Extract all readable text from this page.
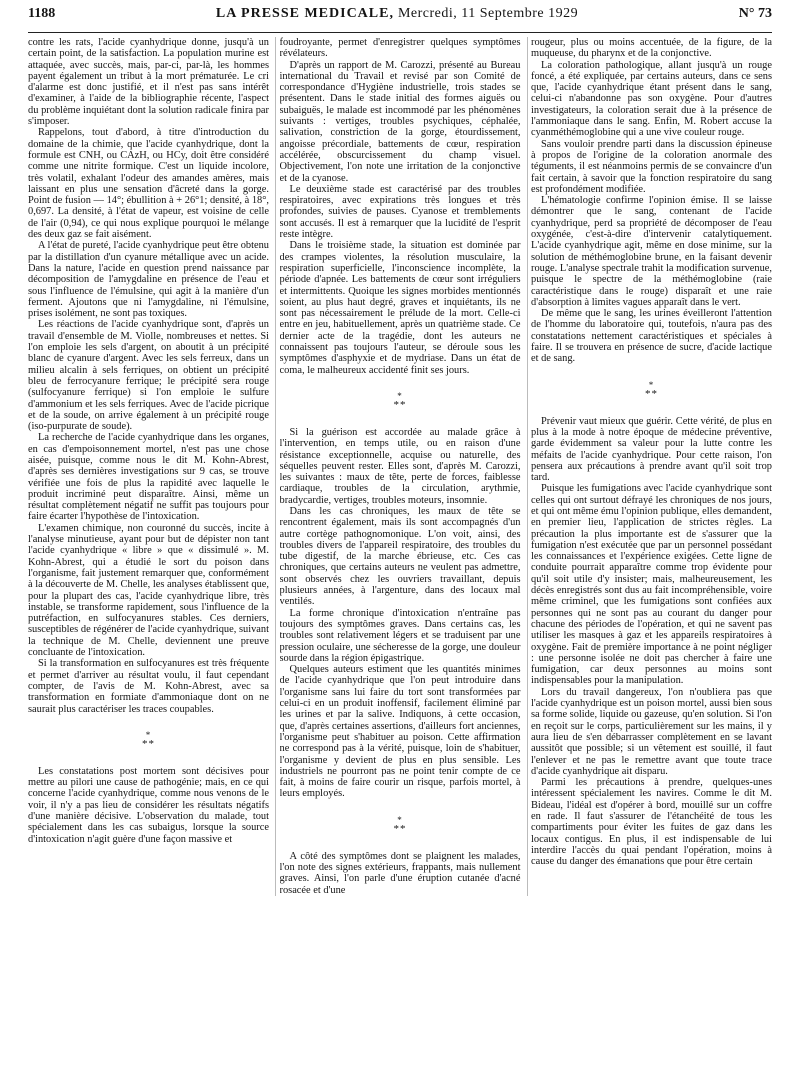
1188	LA PRESSE MEDICALE, Mercredi, 11 Septembre 1929	N° 73

contre les rats, l'acide cyanhydrique donne, jusqu'à un certain point, de la satisfaction. La population murine est attaquée, avec succès, mais, par-ci, par-là, les hommes payent également un tribut à la mort prématurée. Le cri d'alarme est donc justifié, et il n'est pas sans intérêt d'examiner, à l'aide de la bibliographie récente, l'aspect du problème inquiétant dont la solution radicale finira par s'imposer.

Rappelons, tout d'abord, à titre d'introduction du domaine de la chimie, que l'acide cyanhydrique, dont la formule est CNH, ou CAzH, ou HCy, doit être considéré comme une nitrite formique. C'est un liquide incolore, très volatil, exhalant l'odeur des amandes amères, mais laissant en plus une sensation d'âcreté dans la gorge. Point de fusion — 14°; ébullition à + 26°1; densité, à 18°, 0,697. La densité, à l'état de vapeur, est voisine de celle de l'air (0,94), ce qui nous explique pourquoi le mélange des deux gaz se fait aisément.

A l'état de pureté, l'acide cyanhydrique peut être obtenu par la distillation d'un cyanure métallique avec un acide. Dans la nature, l'acide en question prend naissance par décomposition de l'amygdaline en présence de l'eau et sous l'influence de l'émulsine, qui agit à la manière d'un ferment. Ajoutons que ni l'amygdaline, ni l'émulsine, prises isolément, ne sont pas toxiques.

Les réactions de l'acide cyanhydrique sont, d'après un travail d'ensemble de M. Violle, nombreuses et nettes. Si l'on emploie les sels d'argent, on aboutit à un précipité blanc de cyanure d'argent. Avec les sels ferreux, dans un milieu alcalin à sels ferriques, on obtient un précipité bleu de ferrocyanure ferrique; le précipité sera rouge (sulfocyanure ferrique) si l'on emploie le sulfure d'ammonium et les sels ferriques. Avec de l'acide picrique et de la soude, on arrive également à un précipité rouge (iso-purpurate de soude).

La recherche de l'acide cyanhydrique dans les organes, en cas d'empoisonnement mortel, n'est pas une chose aisée, puisque, comme nous le dit M. Kohn-Abrest, d'après ses dernières investigations sur 9 cas, se trouve vérifiée une fois de plus la rapidité avec laquelle le produit incriminé peut disparaître. Ainsi, même un résultat complètement négatif ne suffit pas toujours pour faire écarter l'hypothèse de l'intoxication.

L'examen chimique, non couronné du succès, incite à l'analyse minutieuse, ayant pour but de dépister non tant l'acide cyanhydrique « libre » que « dissimulé ». M. Kohn-Abrest, qui a étudié le sort du poison dans l'organisme, fait justement remarquer que, conformément à la découverte de M. Chelle, les analyses établissent que, pour la plupart des cas, l'acide cyanhydrique libre, très instable, se transforme rapidement, sous l'influence de la putréfaction, en sulfocyanures stables. Ces derniers, susceptibles de régénérer de l'acide cyanhydrique, suivant la technique de M. Chelle, deviennent une preuve concluante de l'intoxication.

Si la transformation en sulfocyanures est très fréquente et permet d'arriver au résultat voulu, il faut cependant compter, de l'avis de M. Kohn-Abrest, avec sa transformation en formiate d'ammoniaque dont on ne saurait plus caractériser les traces coupables.

*
**

Les constatations post mortem sont décisives pour mettre au pilori une cause de pathogénie; mais, en ce qui concerne l'acide cyanhydrique, comme nous venons de le voir, il n'y a pas lieu de considérer les résultats négatifs d'une manière décisive. L'observation du malade, tout spécialement dans les cas subaigus, lorsque la source d'intoxication n'agit guère d'une façon massive et

foudroyante, permet d'enregistrer quelques symptômes révélateurs.

D'après un rapport de M. Carozzi, présenté au Bureau international du Travail et revisé par son Comité de correspondance d'Hygiène industrielle, trois stades se présentent. Dans le stade initial des formes aiguës ou subaiguës, le malade est incommodé par les phénomènes suivants : vertiges, troubles psychiques, céphalée, salivation, constriction de la gorge, étourdissement, angoisse précordiale, battements de cœur, respiration accélérée, obscurcissement du champ visuel. Objectivement, l'on note une irritation de la conjonctive et de la cyanose.

Le deuxième stade est caractérisé par des troubles respiratoires, avec expirations très longues et très profondes, suivies de pauses. Cyanose et tremblements sont accusés. Il est à remarquer que la lucidité de l'esprit reste intègre.

Dans le troisième stade, la situation est dominée par des crampes violentes, la résolution musculaire, la respiration superficielle, l'inconscience incomplète, la période d'apnée. Les battements de cœur sont irréguliers et intermittents. Quoique les signes morbides mentionnés soient, au plus haut degré, graves et inquiétants, ils ne sont pas nécessairement le prélude de la mort. Celle-ci entre en jeu, habituellement, après un quatrième stade. Ce dernier acte de la tragédie, dont les auteurs ne connaissent pas toujours l'auteur, se déroule sous les symptômes d'asphyxie et de mydriase. Dans un état de coma, le malheureux accidenté finit ses jours.

*
**

Si la guérison est accordée au malade grâce à l'intervention, en temps utile, ou en raison d'une résistance exceptionnelle, acquise ou naturelle, des séquelles peuvent rester. Elles sont, d'après M. Carozzi, les suivantes : maux de tête, perte de forces, faiblesse cardiaque, troubles de la circulation, arythmie, bradycardie, vertiges, troubles moteurs, insomnie.

Dans les cas chroniques, les maux de tête se rencontrent également, mais ils sont accompagnés d'un autre cortège pathognomonique. L'on voit, ainsi, des troubles divers de l'appareil respiratoire, des troubles du tube digestif, de la marche ébrieuse, etc. Ces cas chroniques, que certains auteurs ne veulent pas admettre, sont observés chez les ouvriers travaillant, depuis plusieurs années, à l'argenture, dans des locaux mal ventilés.

La forme chronique d'intoxication n'entraîne pas toujours des symptômes graves. Dans certains cas, les troubles sont relativement légers et se traduisent par une pression oculaire, une sécheresse de la gorge, une douleur sourde dans la région épigastrique.

Quelques auteurs estiment que les quantités minimes de l'acide cyanhydrique que l'on peut introduire dans l'organisme sans lui faire du tort sont transformées par celui-ci en un produit inoffensif, facilement éliminé par les urines et par la salive. Indiquons, à cette occasion, que, d'après certaines assertions, d'ailleurs fort anciennes, l'organisme peut s'habituer au poison. Cette affirmation ne correspond pas à la vérité, puisque, loin de s'habituer, l'organisme y devient de plus en plus sensible. Les industriels ne pourront pas ne point tenir compte de ce fait, à moins de faire courir un risque, parfois mortel, à leurs employés.

*
**

A côté des symptômes dont se plaignent les malades, l'on note des signes extérieurs, frappants, mais nullement graves. Ainsi, l'on parle d'une éruption cutanée d'acné rosacée et d'une

rougeur, plus ou moins accentuée, de la figure, de la muqueuse, du pharynx et de la conjonctive.

La coloration pathologique, allant jusqu'à un rouge foncé, a été expliquée, par certains auteurs, dans ce sens que, l'acide cyanhydrique étant présent dans le sang, celui-ci n'abandonne pas son oxygène. Pour d'autres investigateurs, la coloration serait due à la présence de l'ammoniaque dans le sang. Enfin, M. Robert accuse la cyanméthémoglobine qui a une vive couleur rouge.

Sans vouloir prendre parti dans la discussion épineuse à propos de l'origine de la coloration anormale des téguments, il est néanmoins permis de se convaincre d'un fait certain, à savoir que la fonction respiratoire du sang est profondément modifiée.

L'hématologie confirme l'opinion émise. Il se laisse démontrer que le sang, contenant de l'acide cyanhydrique, perd sa propriété de décomposer de l'eau oxygénée, c'est-à-dire d'intervenir catalytiquement. L'acide cyanhydrique agit, même en dose minime, sur la solution de méthémoglobine brune, en la faisant devenir rouge. L'analyse spectrale trahit la modification survenue, puisque le spectre de la méthémoglobine (raie caractéristique dans le rouge) disparaît et une raie d'absorption à limites vagues apparaît dans le vert.

De même que le sang, les urines éveilleront l'attention de l'homme du laboratoire qui, toutefois, n'aura pas des constatations nettement caractéristiques et spéciales à faire. Il se trouvera en présence de sucre, d'acide lactique et de sang.

*
**

Prévenir vaut mieux que guérir. Cette vérité, de plus en plus à la mode à notre époque de médecine préventive, garde évidemment sa valeur pour la lutte contre les méfaits de l'acide cyanhydrique. Pour cette raison, l'on pensera aux précautions à prendre avant qu'il soit trop tard.

Puisque les fumigations avec l'acide cyanhydrique sont celles qui ont surtout défrayé les chroniques de nos jours, et qui ont même ému l'opinion publique, elles demandent, en premier lieu, l'application de strictes règles. La précaution la plus importante est de s'assurer que la fumigation n'est exécutée que par un personnel possédant les connaissances et l'expérience exigées. Cette ligne de conduite pourrait apparaître comme trop évidente pour qu'il soit utile d'y insister; mais, malheureusement, les décès enregistrés sont dus au fait incompréhensible, voire même criminel, que les fumigations sont confiées aux personnes qui ne sont pas au courant du danger pour chacune des périodes de l'opération, et qui ne savent pas utiliser les masques à gaz et les appareils respiratoires à oxygène. Fait de première importance à ne point négliger : une personne isolée ne doit pas chercher à faire une fumigation, car deux personnes au moins sont indispensables pour la manipulation.

Lors du travail dangereux, l'on n'oubliera pas que l'acide cyanhydrique est un poison mortel, aussi bien sous sa forme solide, liquide ou gazeuse, qu'en solution. Si l'on en reçoit sur le corps, particulièrement sur les mains, il y aura lieu de s'en débarrasser complètement en se lavant aussitôt que possible; si un vêtement est souillé, il faut l'enlever et ne pas le remettre avant que toute trace d'acide cyanhydrique ait disparu.

Parmi les précautions à prendre, quelques-unes intéressent spécialement les navires. Comme le dit M. Bideau, l'idéal est d'opérer à bord, mouillé sur un coffre en rade. Il faut s'assurer de l'étanchéité de tous les compartiments pour éviter les fuites de gaz dans les locaux contigus. En plus, il est indispensable de lui interdire l'accès du quai pendant l'opération, moins à cause du danger des émanations que pour être certain
